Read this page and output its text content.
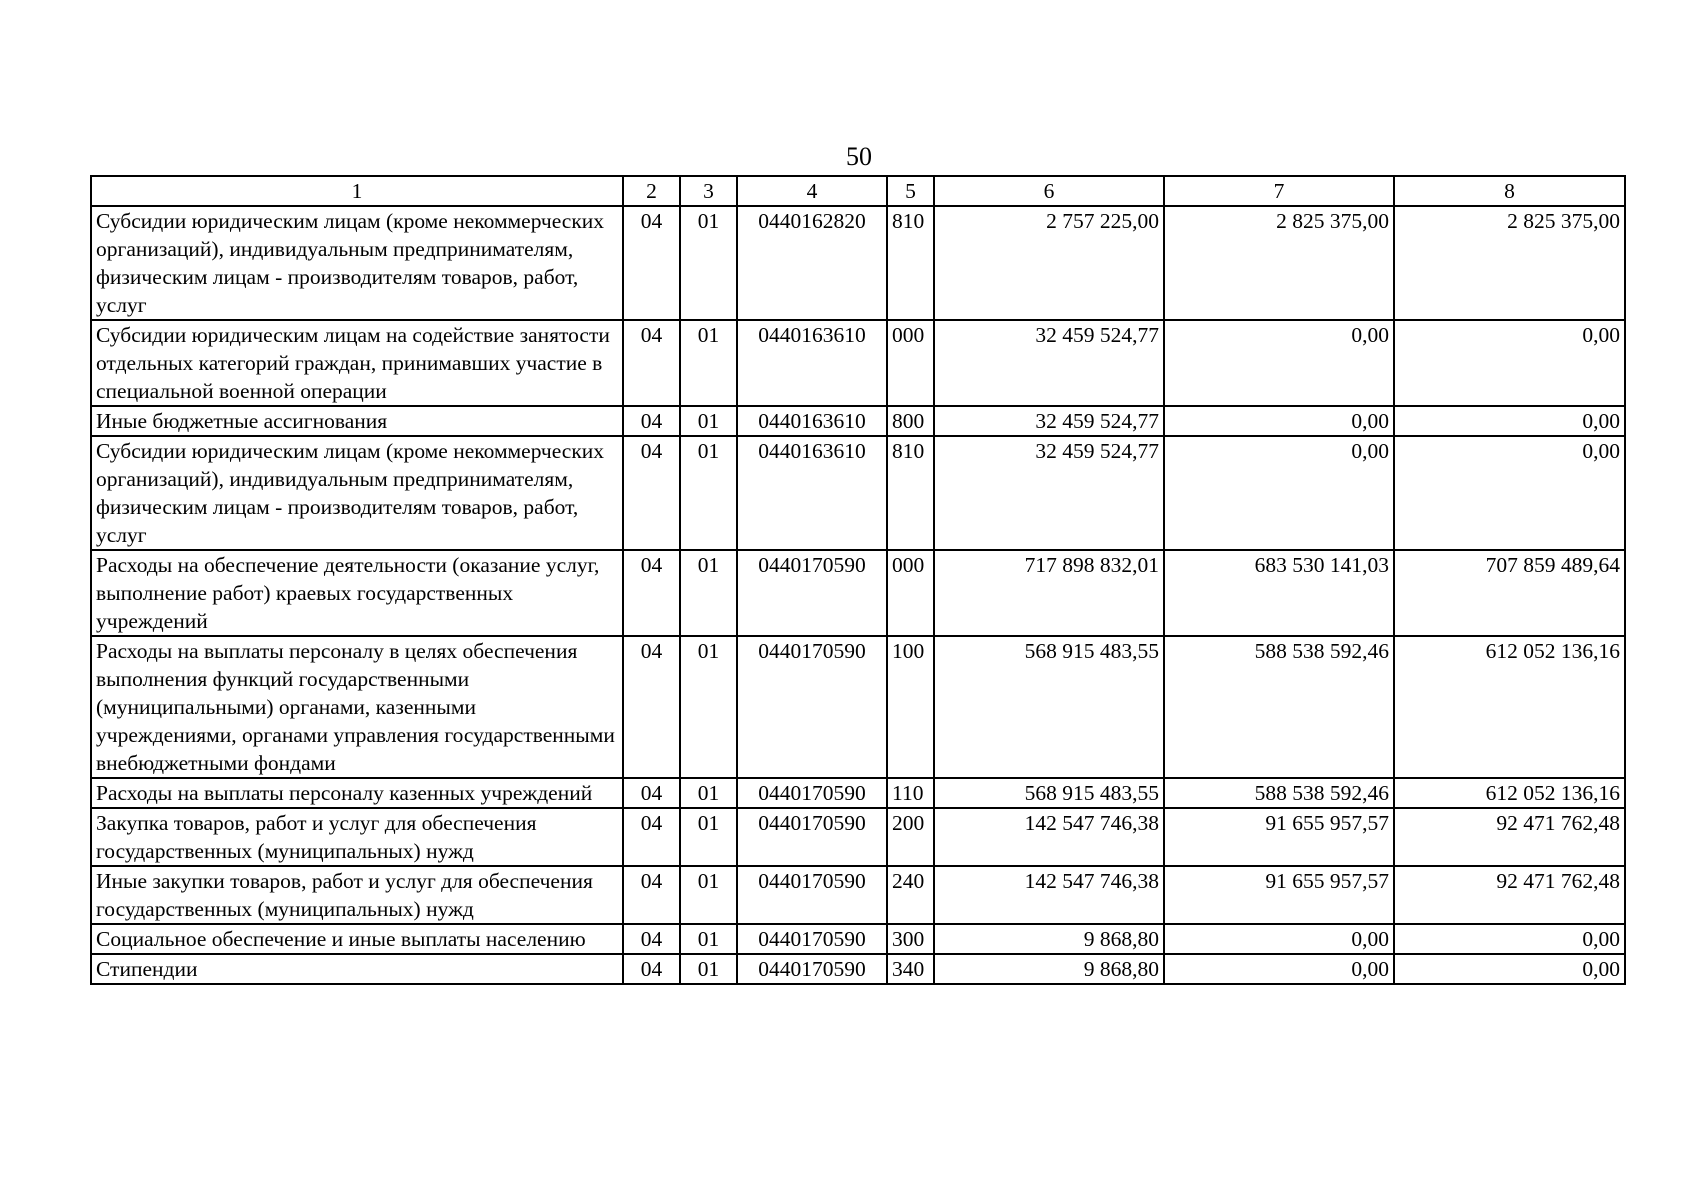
50
1	2	3	4	5	6	7	8
Субсидии юридическим лицам (кроме некоммерческих организаций), индивидуальным предпринимателям, физическим лицам - производителям товаров, работ, услуг	04	01	0440162820	810	2 757 225,00	2 825 375,00	2 825 375,00
Субсидии юридическим лицам на содействие занятости отдельных категорий граждан, принимавших участие в специальной военной операции	04	01	0440163610	000	32 459 524,77	0,00	0,00
Иные бюджетные ассигнования	04	01	0440163610	800	32 459 524,77	0,00	0,00
Субсидии юридическим лицам (кроме некоммерческих организаций), индивидуальным предпринимателям, физическим лицам - производителям товаров, работ, услуг	04	01	0440163610	810	32 459 524,77	0,00	0,00
Расходы на обеспечение деятельности (оказание услуг, выполнение работ) краевых государственных учреждений	04	01	0440170590	000	717 898 832,01	683 530 141,03	707 859 489,64
Расходы на выплаты персоналу в целях обеспечения выполнения функций государственными (муниципальными) органами, казенными учреждениями, органами управления государственными внебюджетными фондами	04	01	0440170590	100	568 915 483,55	588 538 592,46	612 052 136,16
Расходы на выплаты персоналу казенных учреждений	04	01	0440170590	110	568 915 483,55	588 538 592,46	612 052 136,16
Закупка товаров, работ и услуг для обеспечения государственных (муниципальных) нужд	04	01	0440170590	200	142 547 746,38	91 655 957,57	92 471 762,48
Иные закупки товаров, работ и услуг для обеспечения государственных (муниципальных) нужд	04	01	0440170590	240	142 547 746,38	91 655 957,57	92 471 762,48
Социальное обеспечение и иные выплаты населению	04	01	0440170590	300	9 868,80	0,00	0,00
Стипендии	04	01	0440170590	340	9 868,80	0,00	0,00
